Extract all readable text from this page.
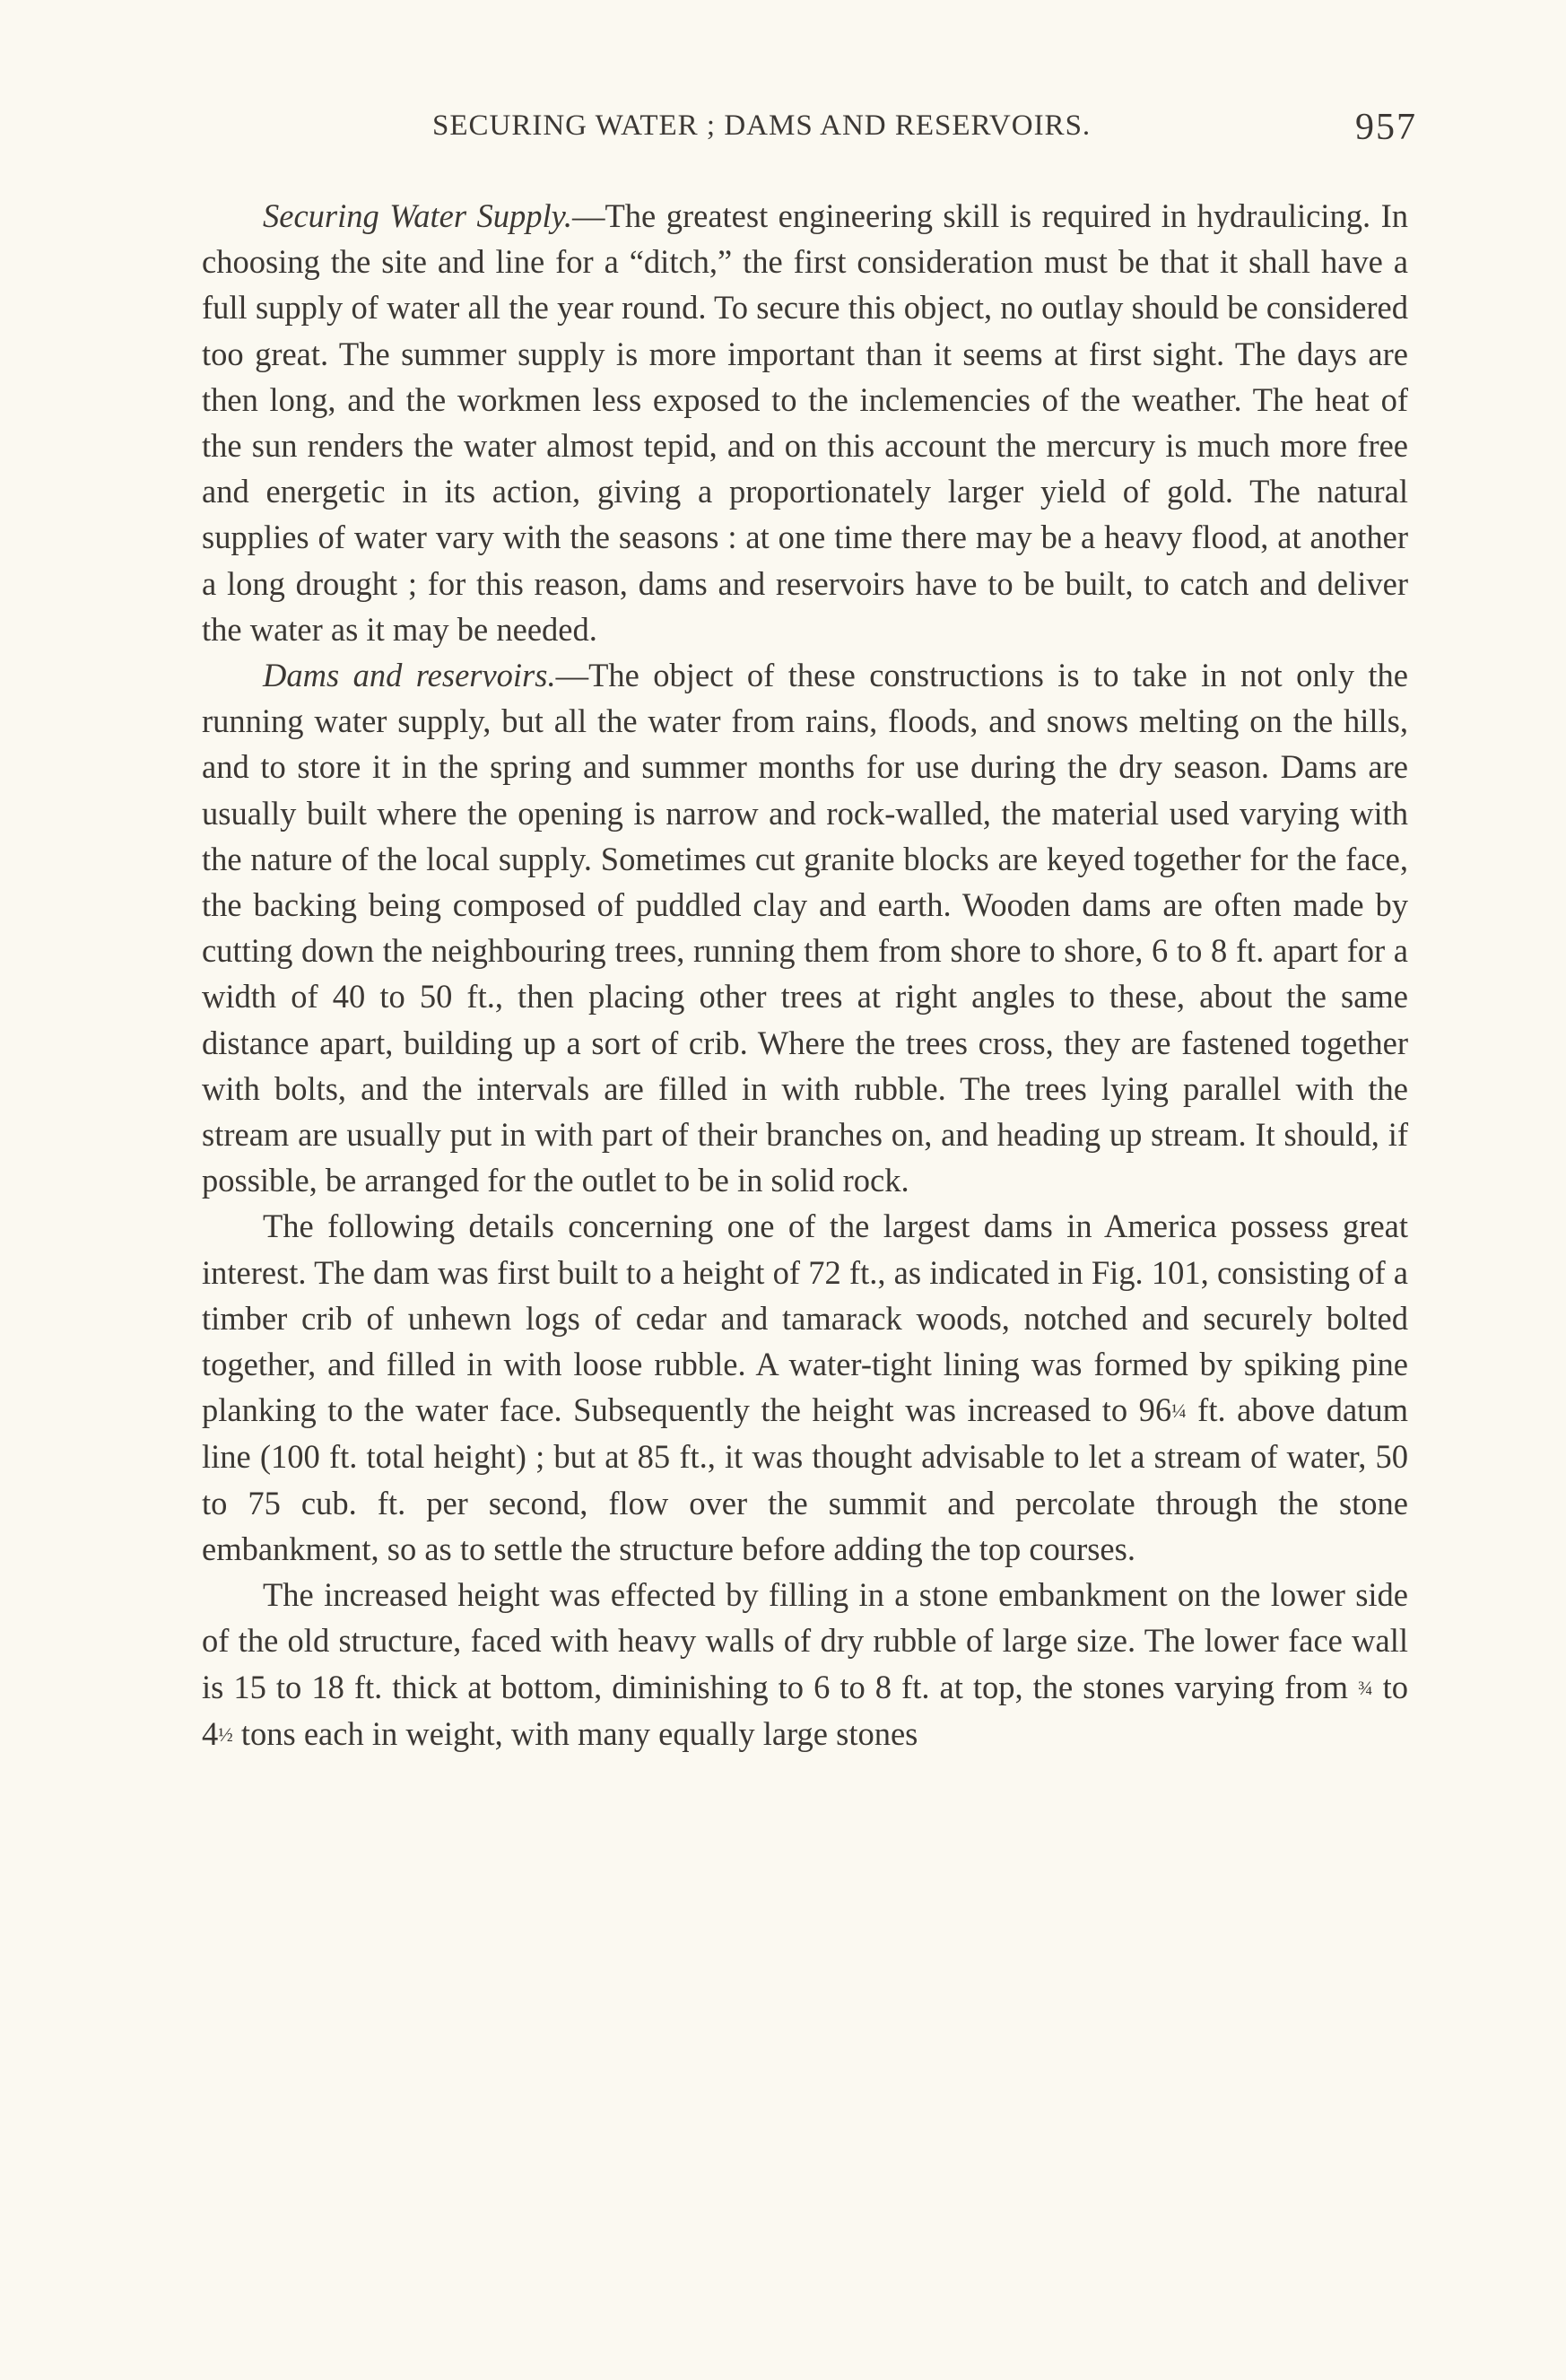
SECURING WATER ; DAMS AND RESERVOIRS.	957

Securing Water Supply.—The greatest engineering skill is required in hydraulicing. In choosing the site and line for a “ditch,” the first consideration must be that it shall have a full supply of water all the year round. To secure this object, no outlay should be considered too great. The summer supply is more important than it seems at first sight. The days are then long, and the workmen less exposed to the inclemencies of the weather. The heat of the sun renders the water almost tepid, and on this account the mercury is much more free and energetic in its action, giving a proportionately larger yield of gold. The natural supplies of water vary with the seasons : at one time there may be a heavy flood, at another a long drought ; for this reason, dams and reservoirs have to be built, to catch and deliver the water as it may be needed.

Dams and reservoirs.—The object of these constructions is to take in not only the running water supply, but all the water from rains, floods, and snows melting on the hills, and to store it in the spring and summer months for use during the dry season. Dams are usually built where the opening is narrow and rock-walled, the material used varying with the nature of the local supply. Sometimes cut granite blocks are keyed together for the face, the backing being composed of puddled clay and earth. Wooden dams are often made by cutting down the neighbouring trees, running them from shore to shore, 6 to 8 ft. apart for a width of 40 to 50 ft., then placing other trees at right angles to these, about the same distance apart, building up a sort of crib. Where the trees cross, they are fastened together with bolts, and the intervals are filled in with rubble. The trees lying parallel with the stream are usually put in with part of their branches on, and heading up stream. It should, if possible, be arranged for the outlet to be in solid rock.

The following details concerning one of the largest dams in America possess great interest. The dam was first built to a height of 72 ft., as indicated in Fig. 101, consisting of a timber crib of unhewn logs of cedar and tamarack woods, notched and securely bolted together, and filled in with loose rubble. A water-tight lining was formed by spiking pine planking to the water face. Subsequently the height was increased to 96¼ ft. above datum line (100 ft. total height) ; but at 85 ft., it was thought advisable to let a stream of water, 50 to 75 cub. ft. per second, flow over the summit and percolate through the stone embankment, so as to settle the structure before adding the top courses.

The increased height was effected by filling in a stone embankment on the lower side of the old structure, faced with heavy walls of dry rubble of large size. The lower face wall is 15 to 18 ft. thick at bottom, diminishing to 6 to 8 ft. at top, the stones varying from ¾ to 4½ tons each in weight, with many equally large stones
